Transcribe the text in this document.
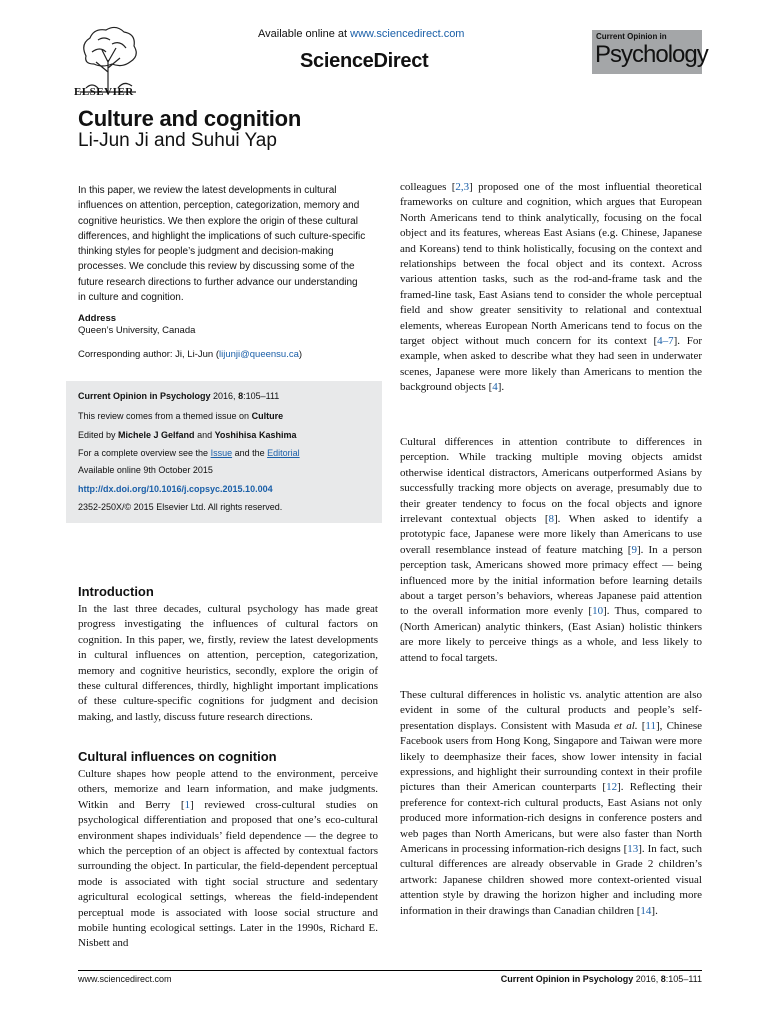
ELSEVIER
Available online at www.sciencedirect.com
ScienceDirect
Current Opinion in
Psychology
Culture and cognition
Li-Jun Ji and Suhui Yap
In this paper, we review the latest developments in cultural influences on attention, perception, categorization, memory and cognitive heuristics. We then explore the origin of these cultural differences, and highlight the implications of such culture-specific thinking styles for people’s judgment and decision-making processes. We conclude this review by discussing some of the future research directions to further advance our understanding in culture and cognition.
Address
Queen’s University, Canada
Corresponding author: Ji, Li-Jun (lijunji@queensu.ca)
Current Opinion in Psychology 2016, 8:105–111
This review comes from a themed issue on Culture
Edited by Michele J Gelfand and Yoshihisa Kashima
For a complete overview see the Issue and the Editorial
Available online 9th October 2015
http://dx.doi.org/10.1016/j.copsyc.2015.10.004
2352-250X/© 2015 Elsevier Ltd. All rights reserved.
Introduction

In the last three decades, cultural psychology has made great progress investigating the influences of cultural factors on cognition. In this paper, we, firstly, review the latest developments in cultural influences on attention, perception, categorization, memory and cognitive heuristics, secondly, explore the origin of these cultural differences, thirdly, highlight important implications of these culture-specific cognitions for judgment and decision making, and lastly, discuss future research directions.

Cultural influences on cognition

Culture shapes how people attend to the environment, perceive others, memorize and learn information, and make judgments. Witkin and Berry [1] reviewed cross-cultural studies on psychological differentiation and proposed that one’s eco-cultural environment shapes individuals’ field dependence — the degree to which the perception of an object is affected by contextual factors surrounding the object. In particular, the field-dependent perceptual mode is associated with tight social structure and sedentary agricultural ecological settings, whereas the field-independent perceptual mode is associated with loose social structure and mobile hunting ecological settings. Later in the 1990s, Richard E. Nisbett and

colleagues [2,3] proposed one of the most influential theoretical frameworks on culture and cognition, which argues that European North Americans tend to think analytically, focusing on the focal object and its features, whereas East Asians (e.g. Chinese, Japanese and Koreans) tend to think holistically, focusing on the context and relationships between the focal object and its context. Across various attention tasks, such as the rod-and-frame task and the framed-line task, East Asians tend to consider the whole perceptual field and show greater sensitivity to relational and contextual elements, whereas European North Americans tend to focus on the target object without much concern for its context [4–7]. For example, when asked to describe what they had seen in underwater scenes, Japanese were more likely than Americans to mention the background objects [4].

Cultural differences in attention contribute to differences in perception. While tracking multiple moving objects amidst otherwise identical distractors, Americans outperformed Asians by successfully tracking more objects on average, presumably due to their greater tendency to focus on the focal objects and ignore irrelevant contextual objects [8]. When asked to identify a prototypic face, Japanese were more likely than Americans to use overall resemblance instead of feature matching [9]. In a person perception task, Americans showed more primacy effect — being influenced more by the initial information before learning details about a target person’s behaviors, whereas Japanese paid attention to the overall information more evenly [10]. Thus, compared to (North American) analytic thinkers, (East Asian) holistic thinkers are more likely to perceive things as a whole, and less likely to attend to focal targets.

These cultural differences in holistic vs. analytic attention are also evident in some of the cultural products and people’s self-presentation displays. Consistent with Masuda et al. [11], Chinese Facebook users from Hong Kong, Singapore and Taiwan were more likely to deemphasize their faces, show lower intensity in facial expressions, and highlight their surrounding context in their profile pictures than their American counterparts [12]. Reflecting their preference for context-rich cultural products, East Asians not only produced more information-rich designs in conference posters and web pages than North Americans, but were also faster than North Americans in processing information-rich designs [13]. In fact, such cultural differences are already observable in Grade 2 children’s artwork: Japanese children showed more context-oriented visual attention style by drawing the horizon higher and including more information in their drawings than Canadian children [14].

www.sciencedirect.com	Current Opinion in Psychology 2016, 8:105–111
